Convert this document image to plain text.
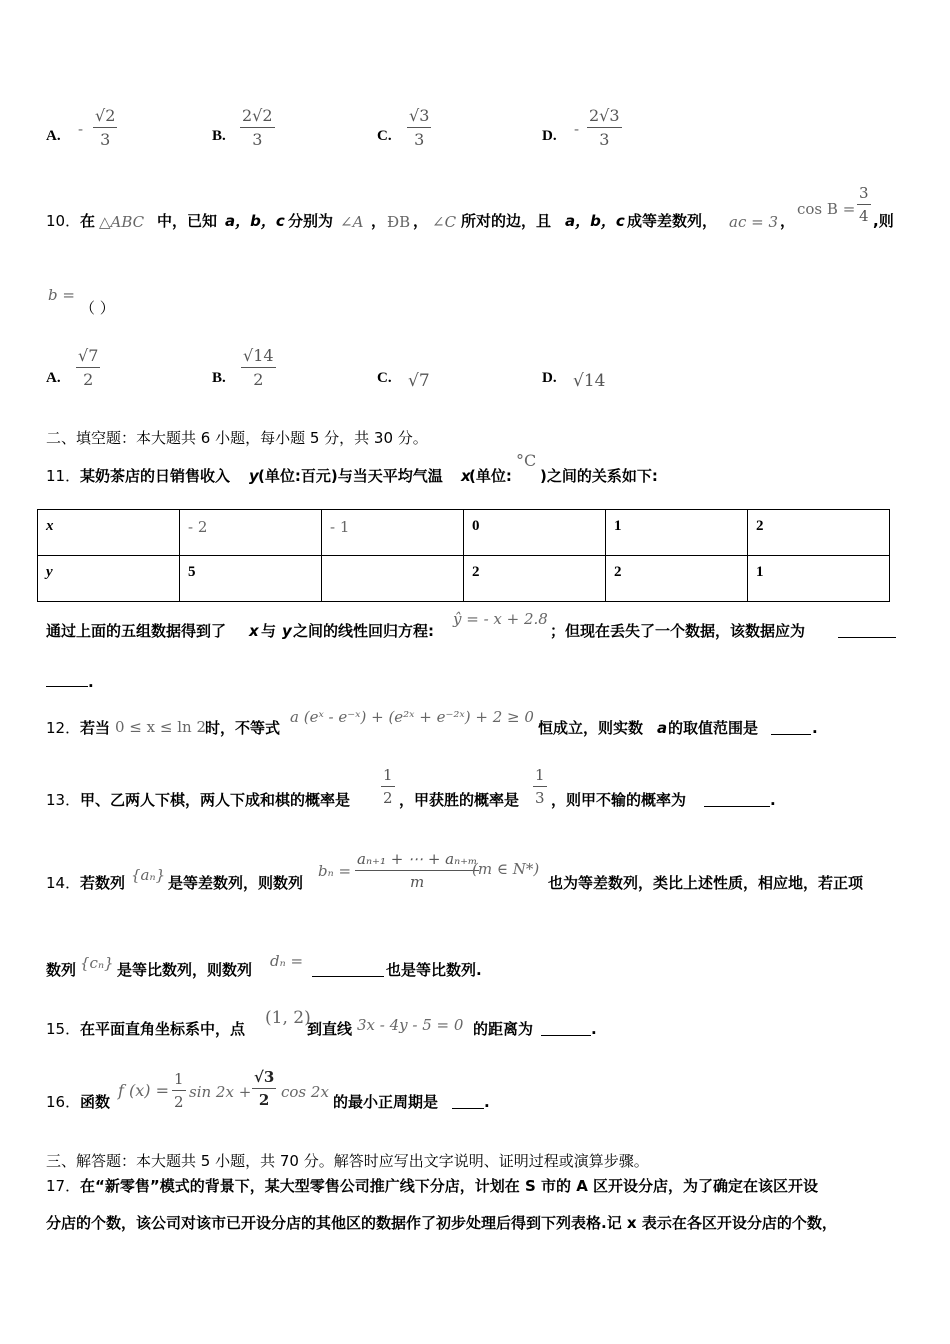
A. -
√2
3	B.
2√2
3	C.
√3
3	D. -
2√3
3
10． 在 △ABC 中，已知 a，b，c 分别为 ∠A ， ÐB ， ∠C 所对的边，且 a，b，c 成等差数列， ac = 3 ，
cos B =
3
4 ,则
b =
（ ）
A.
√7
2	B.
√14
2	C. √7	D. √14
二、填空题：本大题共 6 小题，每小题 5 分，共 30 分。
11． 某奶茶店的日销售收入 y (单位:百元)与当天平均气温 x
(单位:
°C
)之间的关系如下:
x	- 2	- 1	0	1	2
y	5		2	2	1
通过上面的五组数据得到了 x 与 y 之间的线性回归方程:
ŷ = - x + 2.8
；但现在丢失了一个数据，该数据应为
.
12． 若当 0 ≤ x ≤ ln 2 时，不等式
a (eˣ - e⁻ˣ) + (e²ˣ + e⁻²ˣ) + 2 ≥ 0
恒成立，则实数 a 的取值范围是	.
13． 甲、乙两人下棋，两人下成和棋的概率是
1
2 ，甲获胜的概率是
1
3 ，则甲不输的概率为	.
14． 若数列 {aₙ} 是等差数列，则数列
bₙ =
aₙ₊₁ + ⋯ + aₙ₊ₘ
m
(m ∈ N*)
也为等差数列，类比上述性质，相应地，若正项
数列 {cₙ} 是等比数列，则数列 dₙ =	也是等比数列.
15． 在平面直角坐标系中，点
(1, 2)
到直线 3x - 4y - 5 = 0 的距离为	.
16． 函数
f (x) =
1
2
sin 2x +
√3
2 cos 2x
的最小正周期是	.
三、解答题：本大题共 5 小题，共 70 分。解答时应写出文字说明、证明过程或演算步骤。
17． 在“新零售”模式的背景下，某大型零售公司推广线下分店，计划在 S 市的 A 区开设分店，为了确定在该区开设
分店的个数，该公司对该市已开设分店的其他区的数据作了初步处理后得到下列表格.记 x 表示在各区开设分店的个数，
